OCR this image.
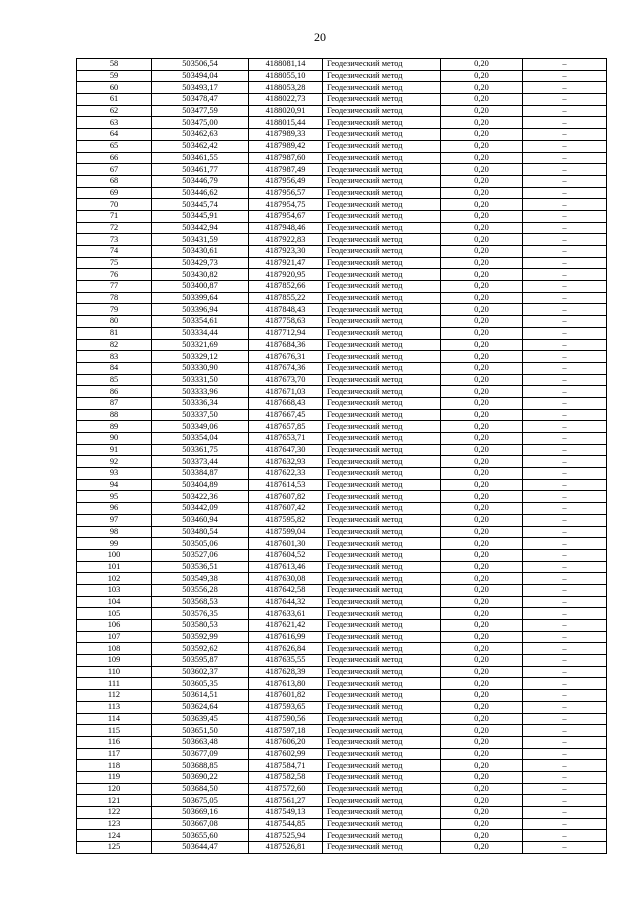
20
58	503506,54	4188081,14	Геодезический метод	0,20	–
59	503494,04	4188055,10	Геодезический метод	0,20	–
60	503493,17	4188053,28	Геодезический метод	0,20	–
61	503478,47	4188022,73	Геодезический метод	0,20	–
62	503477,59	4188020,91	Геодезический метод	0,20	–
63	503475,00	4188015,44	Геодезический метод	0,20	–
64	503462,63	4187989,33	Геодезический метод	0,20	–
65	503462,42	4187989,42	Геодезический метод	0,20	–
66	503461,55	4187987,60	Геодезический метод	0,20	–
67	503461,77	4187987,49	Геодезический метод	0,20	–
68	503446,79	4187956,49	Геодезический метод	0,20	–
69	503446,62	4187956,57	Геодезический метод	0,20	–
70	503445,74	4187954,75	Геодезический метод	0,20	–
71	503445,91	4187954,67	Геодезический метод	0,20	–
72	503442,94	4187948,46	Геодезический метод	0,20	–
73	503431,59	4187922,83	Геодезический метод	0,20	–
74	503430,61	4187923,30	Геодезический метод	0,20	–
75	503429,73	4187921,47	Геодезический метод	0,20	–
76	503430,82	4187920,95	Геодезический метод	0,20	–
77	503400,87	4187852,66	Геодезический метод	0,20	–
78	503399,64	4187855,22	Геодезический метод	0,20	–
79	503396,94	4187848,43	Геодезический метод	0,20	–
80	503354,61	4187758,63	Геодезический метод	0,20	–
81	503334,44	4187712,94	Геодезический метод	0,20	–
82	503321,69	4187684,36	Геодезический метод	0,20	–
83	503329,12	4187676,31	Геодезический метод	0,20	–
84	503330,90	4187674,36	Геодезический метод	0,20	–
85	503331,50	4187673,70	Геодезический метод	0,20	–
86	503333,96	4187671,03	Геодезический метод	0,20	–
87	503336,34	4187668,43	Геодезический метод	0,20	–
88	503337,50	4187667,45	Геодезический метод	0,20	–
89	503349,06	4187657,85	Геодезический метод	0,20	–
90	503354,04	4187653,71	Геодезический метод	0,20	–
91	503361,75	4187647,30	Геодезический метод	0,20	–
92	503373,44	4187632,93	Геодезический метод	0,20	–
93	503384,87	4187622,33	Геодезический метод	0,20	–
94	503404,89	4187614,53	Геодезический метод	0,20	–
95	503422,36	4187607,82	Геодезический метод	0,20	–
96	503442,09	4187607,42	Геодезический метод	0,20	–
97	503460,94	4187595,82	Геодезический метод	0,20	–
98	503480,54	4187599,04	Геодезический метод	0,20	–
99	503505,06	4187601,30	Геодезический метод	0,20	–
100	503527,06	4187604,52	Геодезический метод	0,20	–
101	503536,51	4187613,46	Геодезический метод	0,20	–
102	503549,38	4187630,08	Геодезический метод	0,20	–
103	503556,28	4187642,58	Геодезический метод	0,20	–
104	503568,53	4187644,32	Геодезический метод	0,20	–
105	503576,35	4187633,61	Геодезический метод	0,20	–
106	503580,53	4187621,42	Геодезический метод	0,20	–
107	503592,99	4187616,99	Геодезический метод	0,20	–
108	503592,62	4187626,84	Геодезический метод	0,20	–
109	503595,87	4187635,55	Геодезический метод	0,20	–
110	503602,37	4187628,39	Геодезический метод	0,20	–
111	503605,35	4187613,80	Геодезический метод	0,20	–
112	503614,51	4187601,82	Геодезический метод	0,20	–
113	503624,64	4187593,65	Геодезический метод	0,20	–
114	503639,45	4187590,56	Геодезический метод	0,20	–
115	503651,50	4187597,18	Геодезический метод	0,20	–
116	503663,48	4187606,20	Геодезический метод	0,20	–
117	503677,09	4187602,99	Геодезический метод	0,20	–
118	503688,85	4187584,71	Геодезический метод	0,20	–
119	503690,22	4187582,58	Геодезический метод	0,20	–
120	503684,50	4187572,60	Геодезический метод	0,20	–
121	503675,05	4187561,27	Геодезический метод	0,20	–
122	503669,16	4187549,13	Геодезический метод	0,20	–
123	503667,08	4187544,85	Геодезический метод	0,20	–
124	503655,60	4187525,94	Геодезический метод	0,20	–
125	503644,47	4187526,81	Геодезический метод	0,20	–
